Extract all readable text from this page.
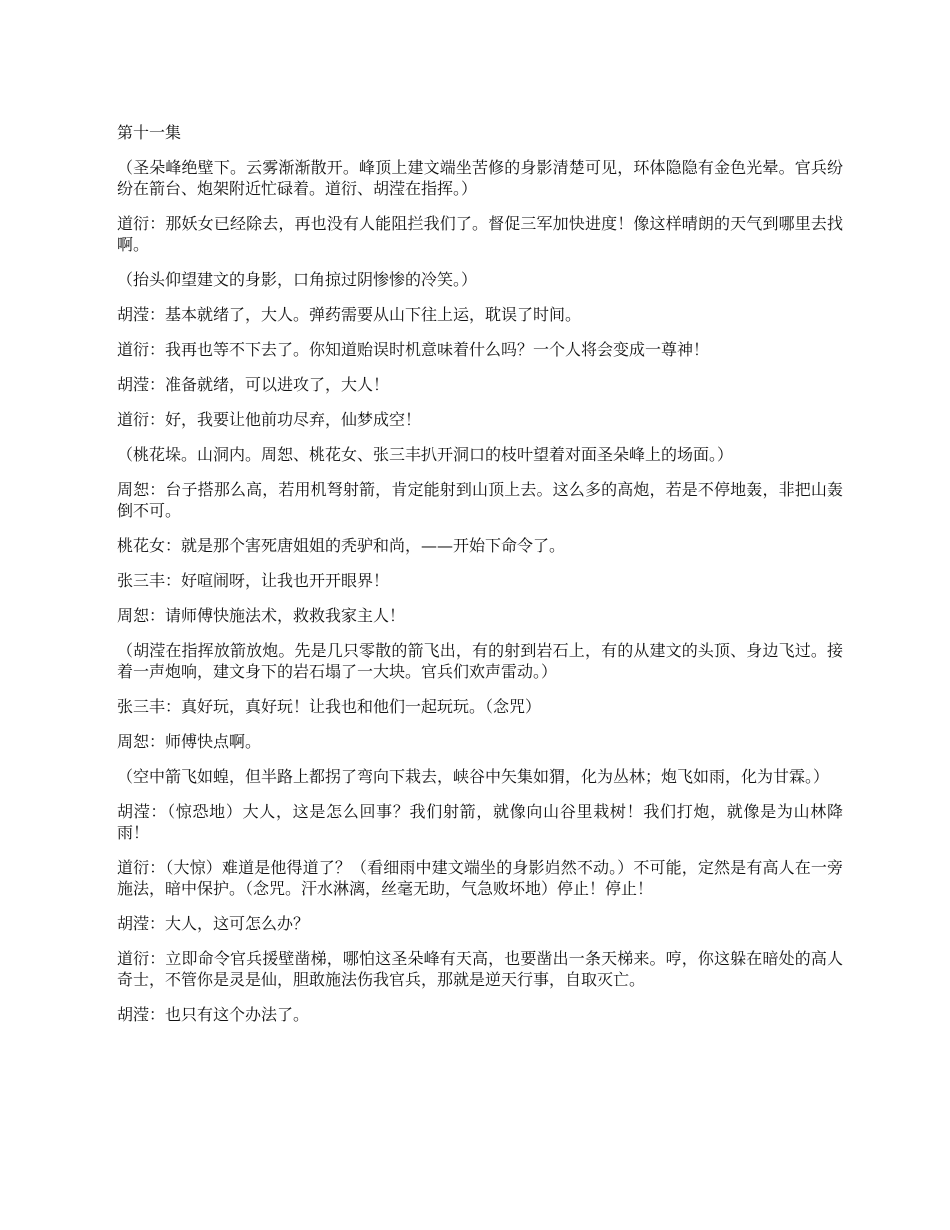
第十一集

（圣朵峰绝壁下。云雾渐渐散开。峰顶上建文端坐苦修的身影清楚可见，环体隐隐有金色光晕。官兵纷纷在箭台、炮架附近忙碌着。道衍、胡滢在指挥。）

道衍：那妖女已经除去，再也没有人能阻拦我们了。督促三军加快进度！像这样晴朗的天气到哪里去找啊。

（抬头仰望建文的身影，口角掠过阴惨惨的冷笑。）

胡滢：基本就绪了，大人。弹药需要从山下往上运，耽误了时间。

道衍：我再也等不下去了。你知道贻误时机意味着什么吗？一个人将会变成一尊神！

胡滢：准备就绪，可以进攻了，大人！

道衍：好，我要让他前功尽弃，仙梦成空！

（桃花垛。山洞内。周恕、桃花女、张三丰扒开洞口的枝叶望着对面圣朵峰上的场面。）

周恕：台子搭那么高，若用机弩射箭，肯定能射到山顶上去。这么多的高炮，若是不停地轰，非把山轰倒不可。

桃花女：就是那个害死唐姐姐的秃驴和尚，——开始下命令了。

张三丰：好喧闹呀，让我也开开眼界！

周恕：请师傅快施法术，救救我家主人！

（胡滢在指挥放箭放炮。先是几只零散的箭飞出，有的射到岩石上，有的从建文的头顶、身边飞过。接着一声炮响，建文身下的岩石塌了一大块。官兵们欢声雷动。）

张三丰：真好玩，真好玩！让我也和他们一起玩玩。（念咒）

周恕：师傅快点啊。

（空中箭飞如蝗，但半路上都拐了弯向下栽去，峡谷中矢集如猬，化为丛林；炮飞如雨，化为甘霖。）

胡滢：（惊恐地）大人，这是怎么回事？我们射箭，就像向山谷里栽树！我们打炮，就像是为山林降雨！

道衍：（大惊）难道是他得道了？（看细雨中建文端坐的身影岿然不动。）不可能，定然是有高人在一旁施法，暗中保护。（念咒。汗水淋漓，丝毫无助，气急败坏地）停止！停止！

胡滢：大人，这可怎么办？

道衍：立即命令官兵援壁凿梯，哪怕这圣朵峰有天高，也要凿出一条天梯来。哼，你这躲在暗处的高人奇士，不管你是灵是仙，胆敢施法伤我官兵，那就是逆天行事，自取灭亡。

胡滢：也只有这个办法了。
